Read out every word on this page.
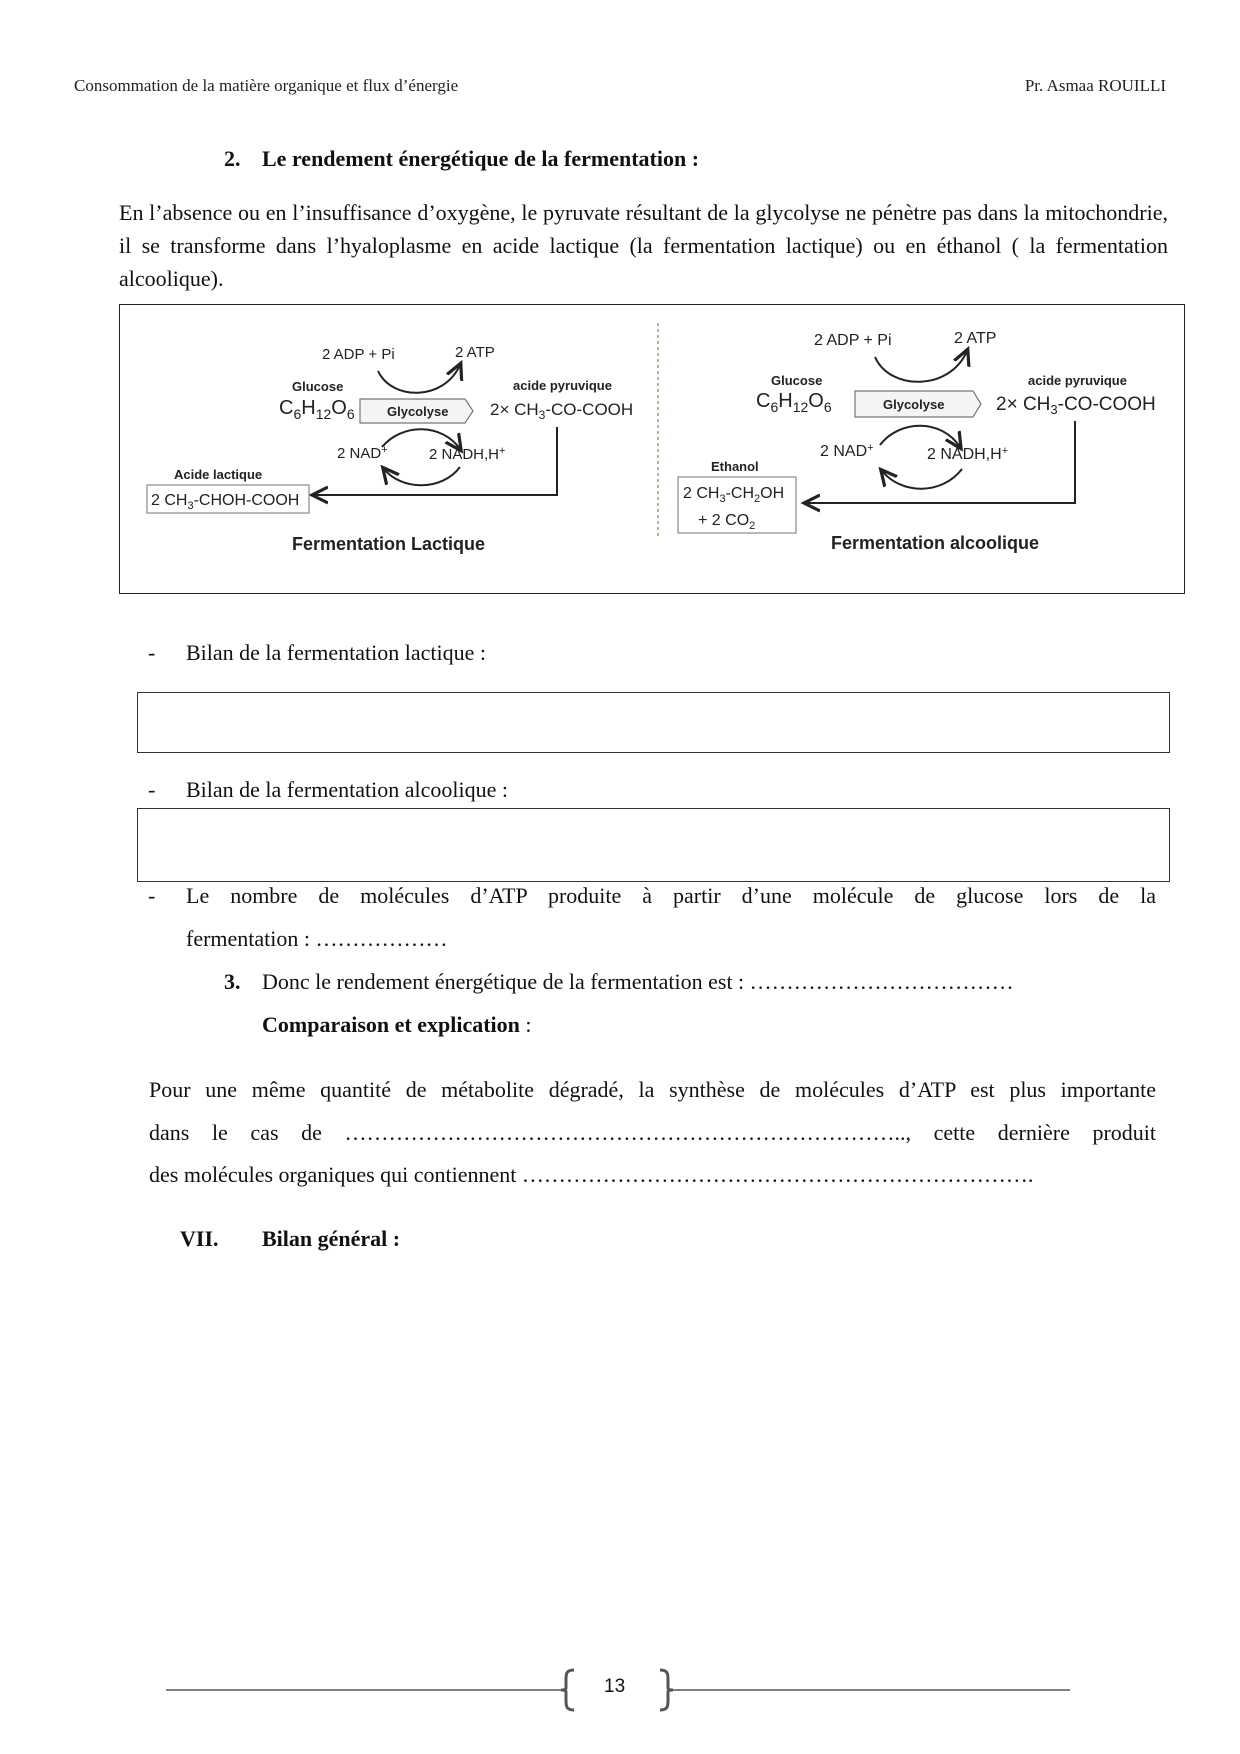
Consommation de la matière organique et flux d’énergie	Pr. Asmaa ROUILLI
2. Le rendement énergétique de la fermentation :

En l’absence ou en l’insuffisance d’oxygène, le pyruvate résultant de la glycolyse ne pénètre pas dans la mitochondrie, il se transforme dans l’hyaloplasme en acide lactique (la fermentation lactique) ou en éthanol ( la fermentation alcoolique).

2 ADP + Pi	2 ATP
Glucose
$C_6H_{12}O_6$ Glycolyse
acide pyruvique
$2\times CH_3-CO$-COOH
2 NAD+	2 NADH,H+
Acide lactique
2 $CH_3-CHOH$-COOH
Fermentation Lactique
2 ADP + Pi	2 ATP
Glucose
$C_6H_{12}O_6$	Glycolyse
acide pyruvique
$2\times CH_3-CO$-COOH
2 NAD+	2 NADH,H+
Ethanol
2 $CH_3-CH_2OH$
+ 2 $CO_2$
Fermentation alcoolique
- Bilan de la fermentation lactique :
- Bilan de la fermentation alcoolique :
-	Le nombre de molécules d’ATP produite à partir d’une molécule de glucose lors de la

fermentation : ………………

3. Donc le rendement énergétique de la fermentation est : ………………………………
Comparaison et explication :

Pour une même quantité de métabolite dégradé, la synthèse de molécules d’ATP est plus importante

dans le cas de ………………………………………………………………….., cette dernière produit

des molécules organiques qui contiennent …………………………………………………………….

VII. Bilan général :
13
